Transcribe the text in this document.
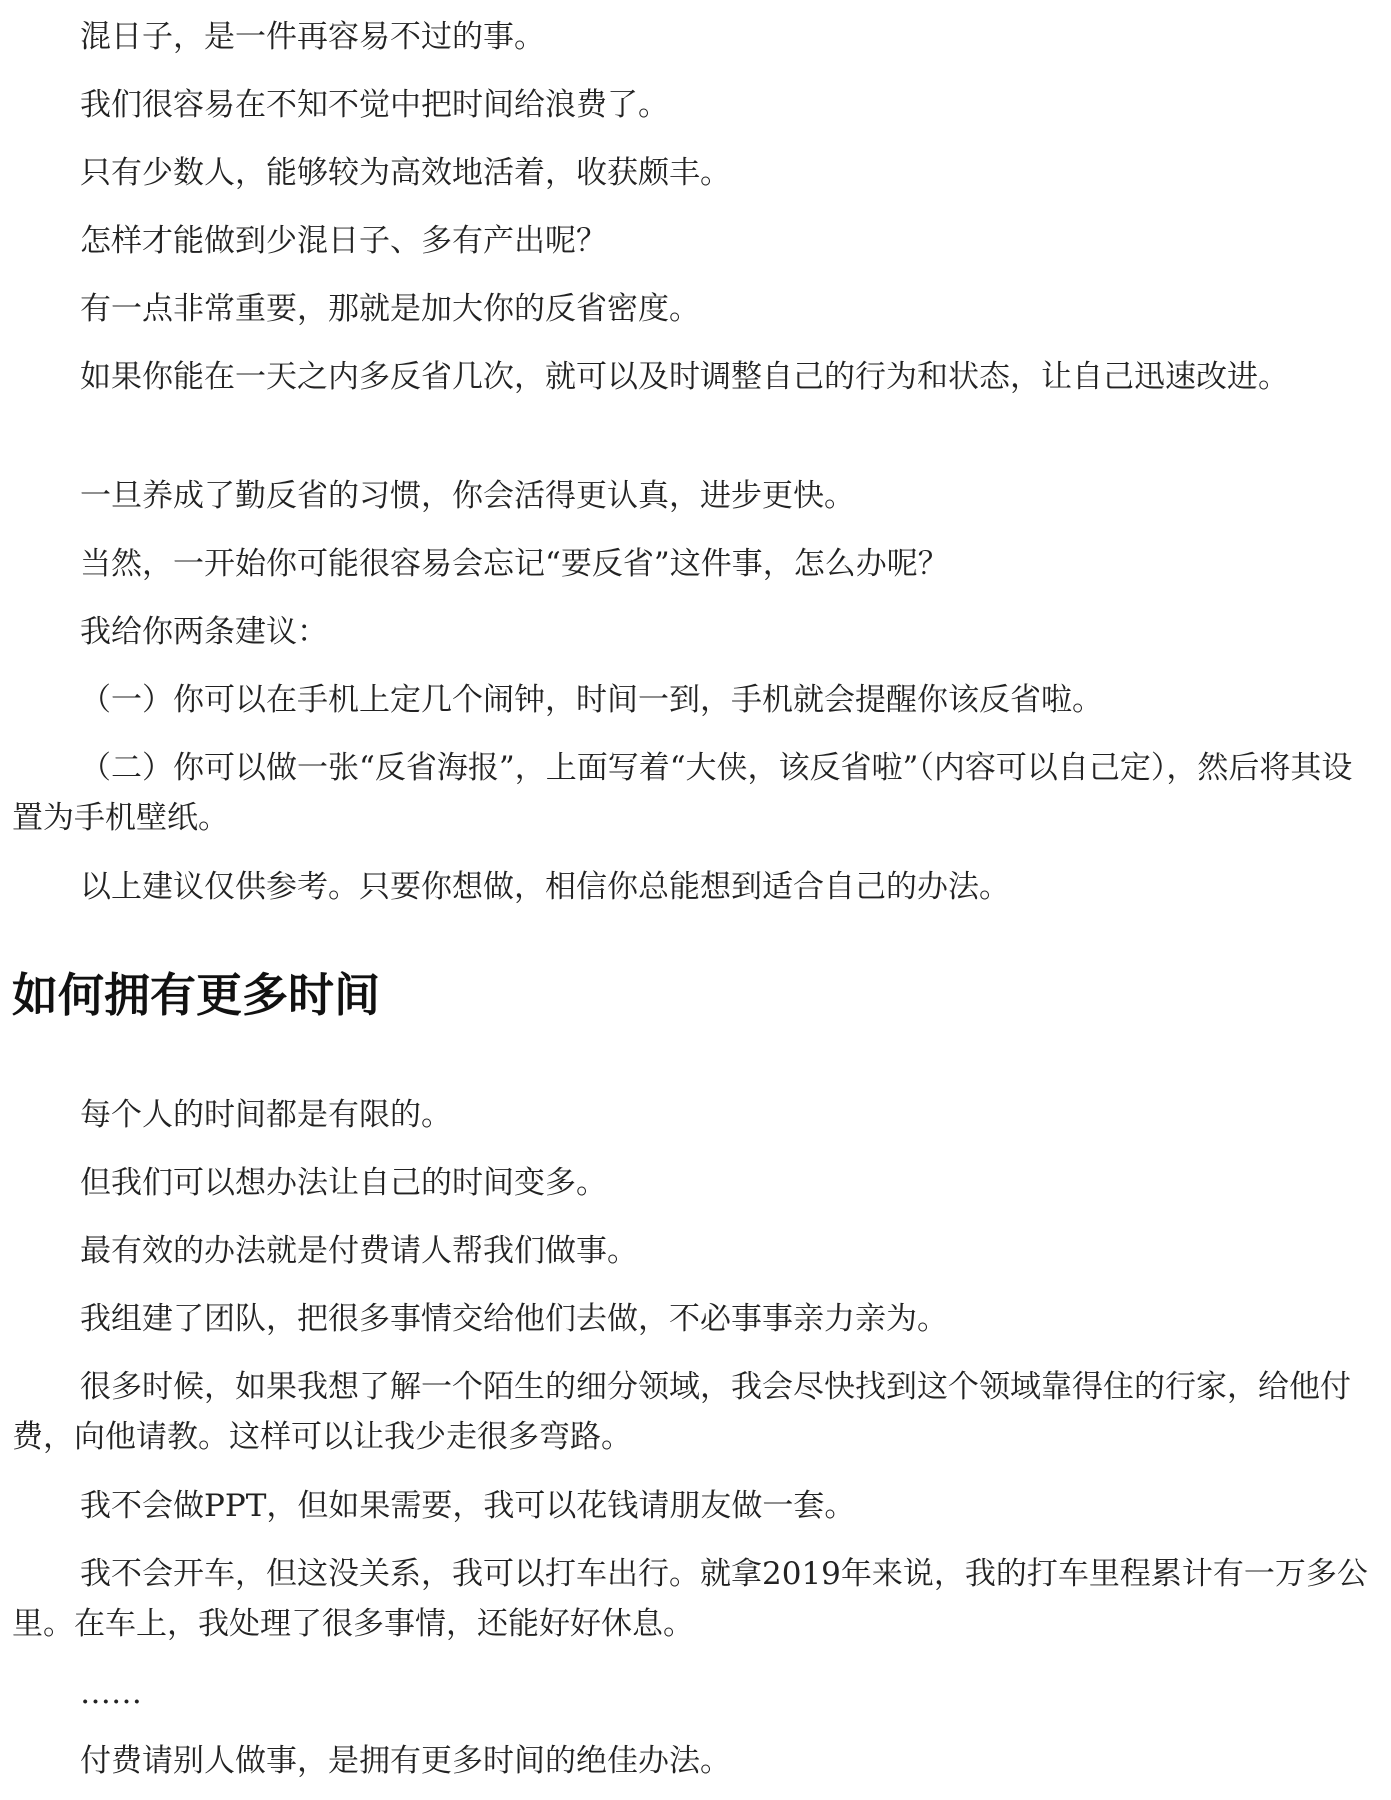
混日子，是一件再容易不过的事。

我们很容易在不知不觉中把时间给浪费了。

只有少数人，能够较为高效地活着，收获颇丰。

怎样才能做到少混日子、多有产出呢？

有一点非常重要，那就是加大你的反省密度。

如果你能在一天之内多反省几次，就可以及时调整自己的行为和状态，让自己迅速改进。

一旦养成了勤反省的习惯，你会活得更认真，进步更快。

当然，一开始你可能很容易会忘记“要反省”这件事，怎么办呢？

我给你两条建议：

（一）你可以在手机上定几个闹钟，时间一到，手机就会提醒你该反省啦。

（二）你可以做一张“反省海报”，上面写着“大侠，该反省啦”（内容可以自己定），然后将其设置为手机壁纸。

以上建议仅供参考。只要你想做，相信你总能想到适合自己的办法。

如何拥有更多时间

每个人的时间都是有限的。

但我们可以想办法让自己的时间变多。

最有效的办法就是付费请人帮我们做事。

我组建了团队，把很多事情交给他们去做，不必事事亲力亲为。

很多时候，如果我想了解一个陌生的细分领域，我会尽快找到这个领域靠得住的行家，给他付费，向他请教。这样可以让我少走很多弯路。

我不会做PPT，但如果需要，我可以花钱请朋友做一套。

我不会开车，但这没关系，我可以打车出行。就拿2019年来说，我的打车里程累计有一万多公里。在车上，我处理了很多事情，还能好好休息。

……

付费请别人做事，是拥有更多时间的绝佳办法。
